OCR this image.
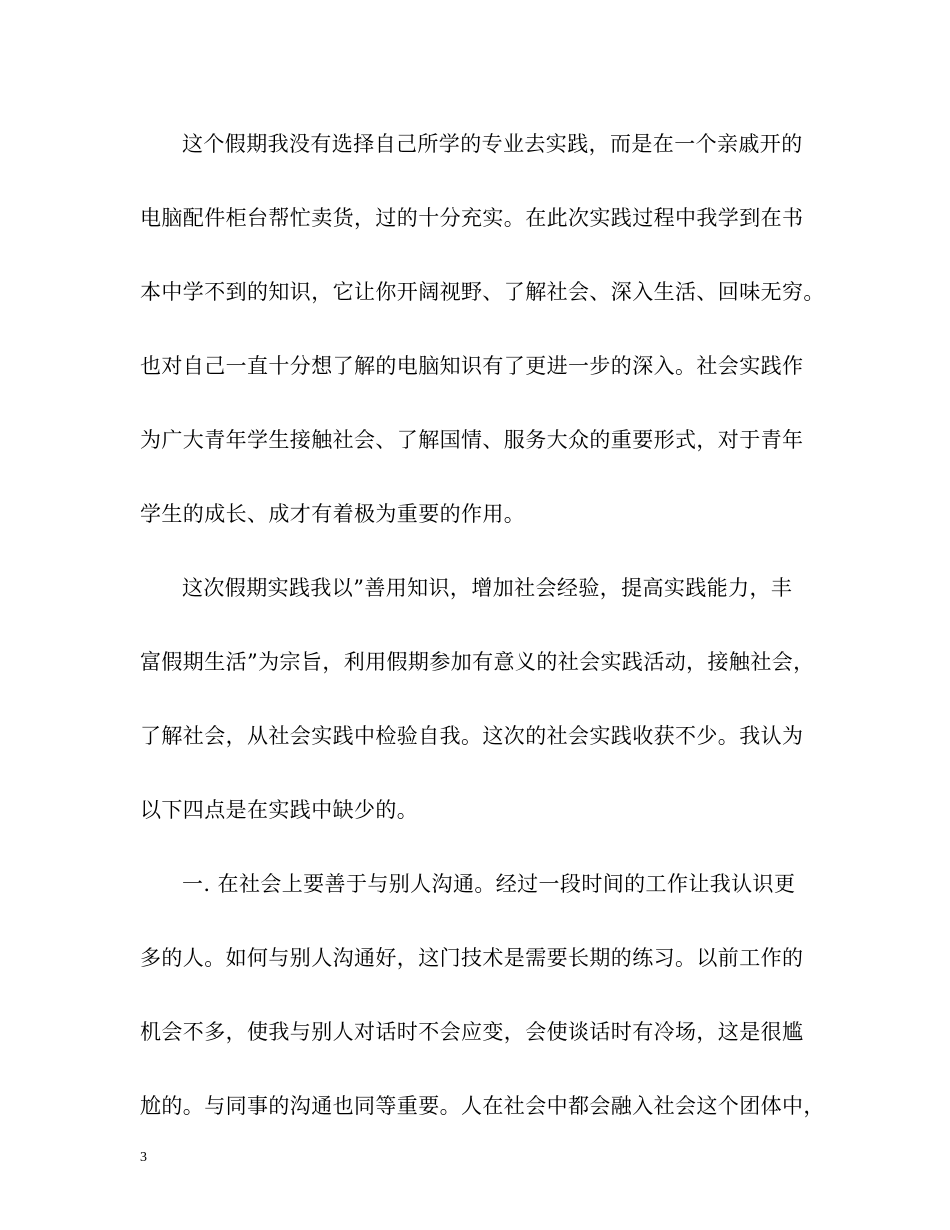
这个假期我没有选择自己所学的专业去实践，而是在一个亲戚开的

电脑配件柜台帮忙卖货，过的十分充实。在此次实践过程中我学到在书

本中学不到的知识，它让你开阔视野、了解社会、深入生活、回味无穷。

也对自己一直十分想了解的电脑知识有了更进一步的深入。社会实践作

为广大青年学生接触社会、了解国情、服务大众的重要形式，对于青年

学生的成长、成才有着极为重要的作用。

这次假期实践我以”善用知识，增加社会经验，提高实践能力，丰

富假期生活”为宗旨，利用假期参加有意义的社会实践活动，接触社会，

了解社会，从社会实践中检验自我。这次的社会实践收获不少。我认为

以下四点是在实践中缺少的。

一. 在社会上要善于与别人沟通。经过一段时间的工作让我认识更

多的人。如何与别人沟通好，这门技术是需要长期的练习。以前工作的

机会不多，使我与别人对话时不会应变，会使谈话时有冷场，这是很尴

尬的。与同事的沟通也同等重要。人在社会中都会融入社会这个团体中，

3
